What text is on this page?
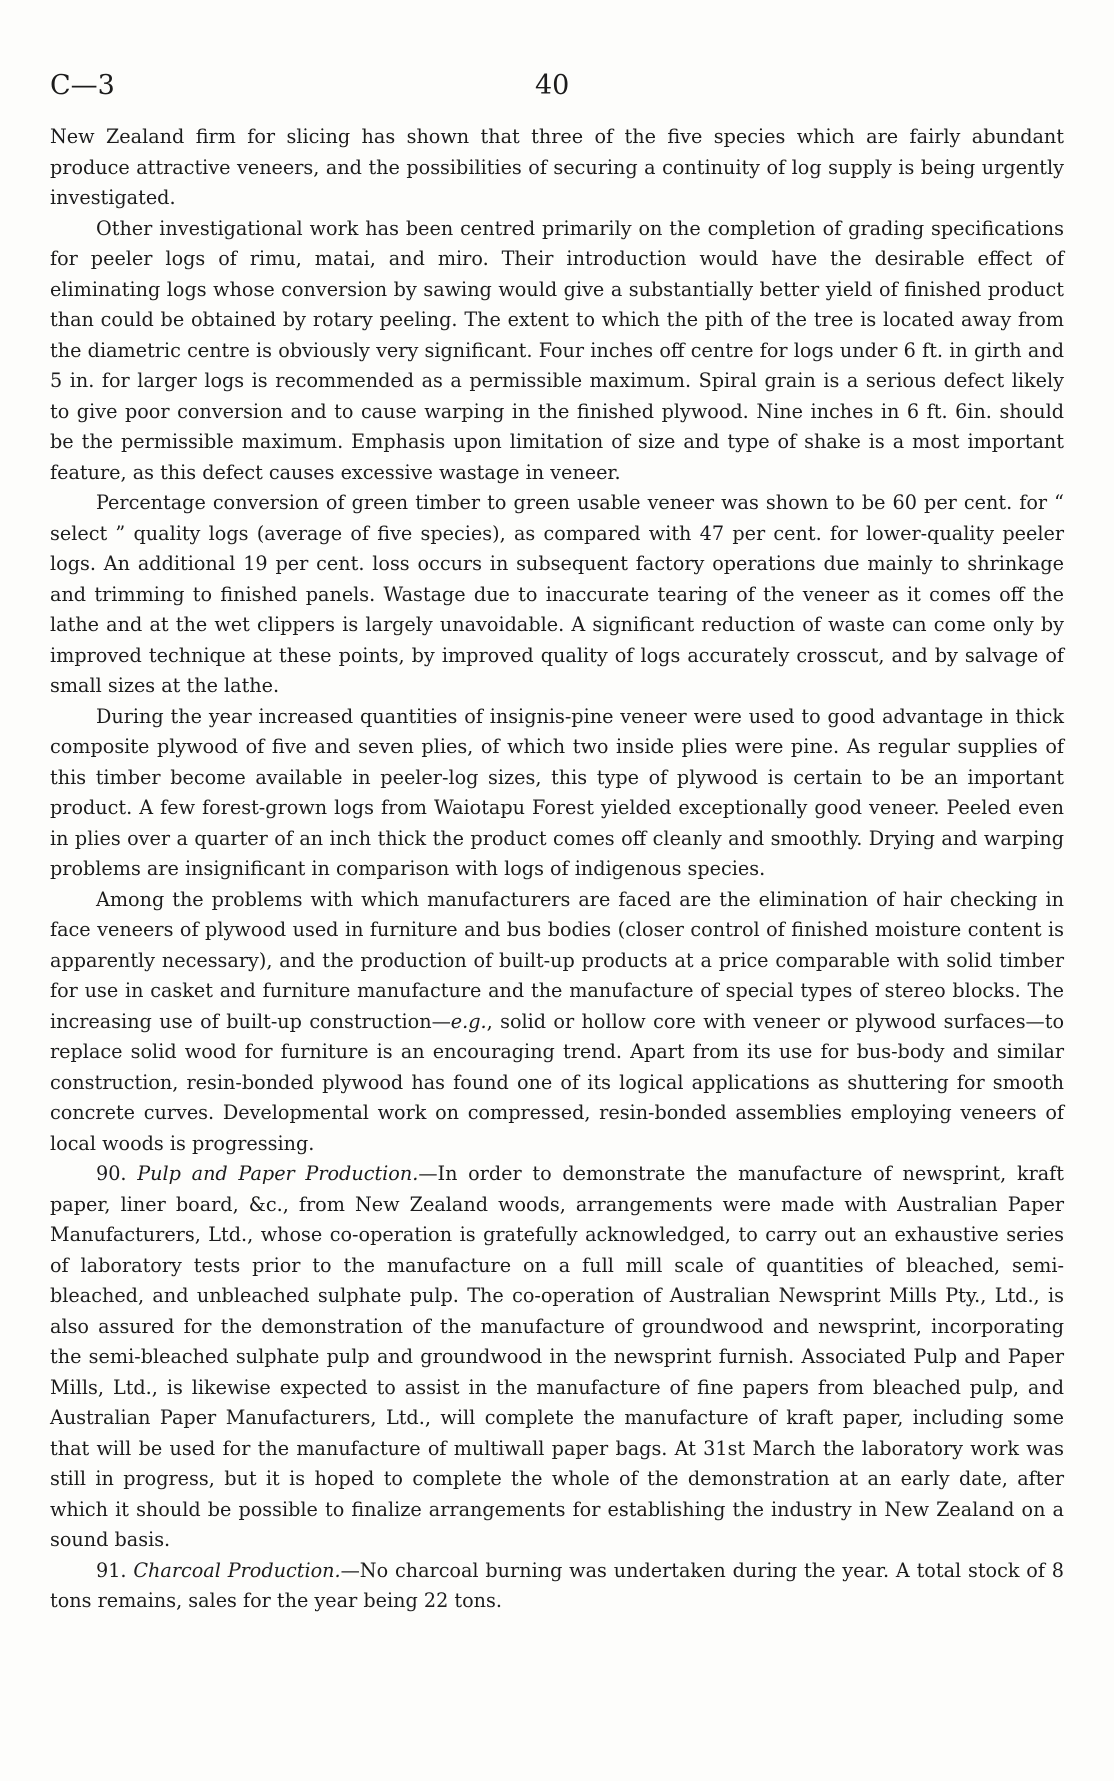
C—3	40

New Zealand firm for slicing has shown that three of the five species which are fairly abundant produce attractive veneers, and the possibilities of securing a continuity of log supply is being urgently investigated.

Other investigational work has been centred primarily on the completion of grading specifications for peeler logs of rimu, matai, and miro. Their introduction would have the desirable effect of eliminating logs whose conversion by sawing would give a substantially better yield of finished product than could be obtained by rotary peeling. The extent to which the pith of the tree is located away from the diametric centre is obviously very significant. Four inches off centre for logs under 6 ft. in girth and 5 in. for larger logs is recommended as a permissible maximum. Spiral grain is a serious defect likely to give poor conversion and to cause warping in the finished plywood. Nine inches in 6 ft. 6in. should be the permissible maximum. Emphasis upon limitation of size and type of shake is a most important feature, as this defect causes excessive wastage in veneer.

Percentage conversion of green timber to green usable veneer was shown to be 60 per cent. for “ select ” quality logs (average of five species), as compared with 47 per cent. for lower-quality peeler logs. An additional 19 per cent. loss occurs in subsequent factory operations due mainly to shrinkage and trimming to finished panels. Wastage due to inaccurate tearing of the veneer as it comes off the lathe and at the wet clippers is largely unavoidable. A significant reduction of waste can come only by improved technique at these points, by improved quality of logs accurately crosscut, and by salvage of small sizes at the lathe.

During the year increased quantities of insignis-pine veneer were used to good advantage in thick composite plywood of five and seven plies, of which two inside plies were pine. As regular supplies of this timber become available in peeler-log sizes, this type of plywood is certain to be an important product. A few forest-grown logs from Waiotapu Forest yielded exceptionally good veneer. Peeled even in plies over a quarter of an inch thick the product comes off cleanly and smoothly. Drying and warping problems are insignificant in comparison with logs of indigenous species.

Among the problems with which manufacturers are faced are the elimination of hair checking in face veneers of plywood used in furniture and bus bodies (closer control of finished moisture content is apparently necessary), and the production of built-up products at a price comparable with solid timber for use in casket and furniture manufacture and the manufacture of special types of stereo blocks. The increasing use of built-up construction—e.g., solid or hollow core with veneer or plywood surfaces—to replace solid wood for furniture is an encouraging trend. Apart from its use for bus-body and similar construction, resin-bonded plywood has found one of its logical applications as shuttering for smooth concrete curves. Developmental work on compressed, resin-bonded assemblies employing veneers of local woods is progressing.

90. Pulp and Paper Production.—In order to demonstrate the manufacture of newsprint, kraft paper, liner board, &c., from New Zealand woods, arrangements were made with Australian Paper Manufacturers, Ltd., whose co-operation is gratefully acknowledged, to carry out an exhaustive series of laboratory tests prior to the manufacture on a full mill scale of quantities of bleached, semi-bleached, and unbleached sulphate pulp. The co-operation of Australian Newsprint Mills Pty., Ltd., is also assured for the demonstration of the manufacture of groundwood and newsprint, incorporating the semi-bleached sulphate pulp and groundwood in the newsprint furnish. Associated Pulp and Paper Mills, Ltd., is likewise expected to assist in the manufacture of fine papers from bleached pulp, and Australian Paper Manufacturers, Ltd., will complete the manufacture of kraft paper, including some that will be used for the manufacture of multiwall paper bags. At 31st March the laboratory work was still in progress, but it is hoped to complete the whole of the demonstration at an early date, after which it should be possible to finalize arrangements for establishing the industry in New Zealand on a sound basis.

91. Charcoal Production.—No charcoal burning was undertaken during the year. A total stock of 8 tons remains, sales for the year being 22 tons.
